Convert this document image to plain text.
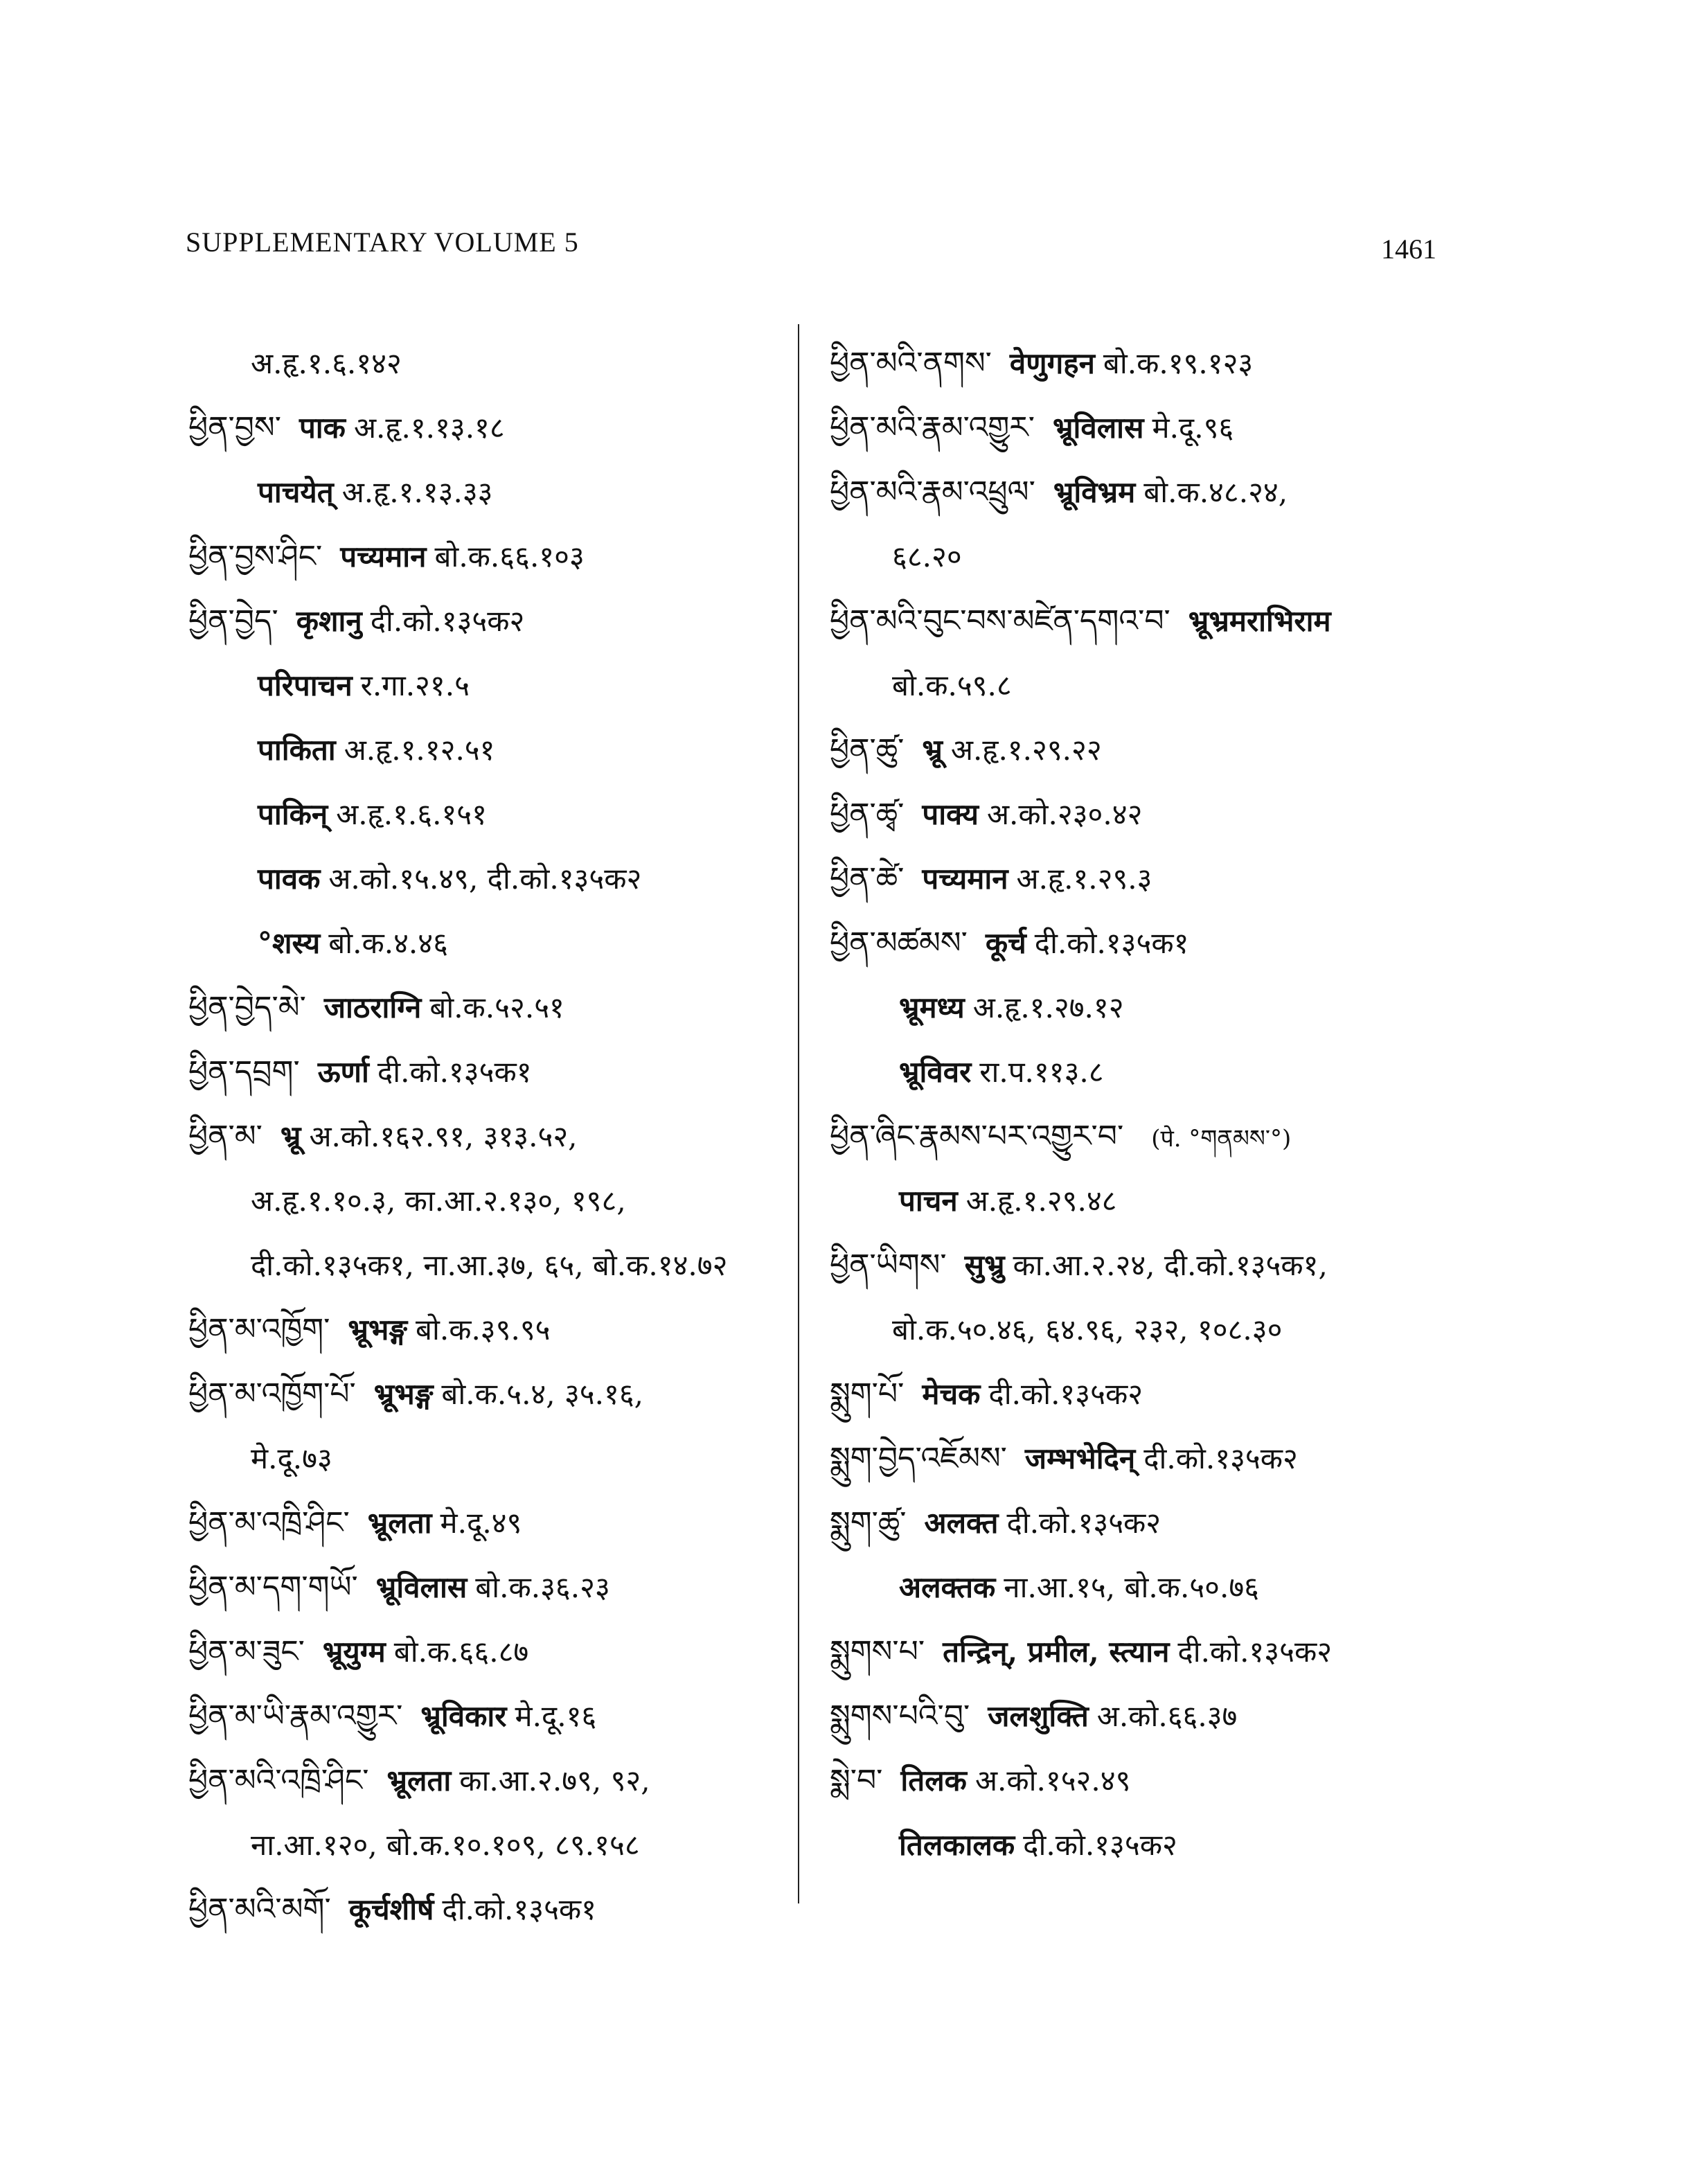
SUPPLEMENTARY VOLUME 5	1461
अ.हृ.१.६.१४२
ཕྱིན་བྱས་ पाक अ.हृ.१.१३.१८
पाचयेत् अ.हृ.१.१३.३३
ཕྱིན་བྱས་ཤིང་ पच्यमान बो.क.६६.१०३
ཕྱིན་བྱེད་ कृशानु दी.को.१३५क२
परिपाचन र.गा.२१.५
पाकिता अ.हृ.१.१२.५१
पाकिन् अ.हृ.१.६.१५१
पावक अ.को.१५.४९, दी.को.१३५क२
°शस्य बो.क.४.४६
ཕྱིན་བྱེད་མེ་ जाठराग्नि बो.क.५२.५१
ཕྱིན་དབྲག་ ऊर्णा दी.को.१३५क१
ཕྱིན་མ་ भ्रू अ.को.१६२.९१, ३१३.५२,
अ.हृ.१.१०.३, का.आ.२.१३०, १९८,
दी.को.१३५क१, ना.आ.३७, ६५, बो.क.१४.७२
ཕྱིན་མ་འཁྱོག་ भ्रूभङ्ग बो.क.३९.९५
ཕྱིན་མ་འཁྱོག་པོ་ भ्रूभङ्ग बो.क.५.४, ३५.१६,
मे.दू.७३
ཕྱིན་མ་འཁྲི་ཤིང་ भ्रूलता मे.दू.४९
ཕྱིན་མ་དག་གཡོ་ भ्रूविलास बो.क.३६.२३
ཕྱིན་མ་ཟུང་ भ्रूयुग्म बो.क.६६.८७
ཕྱིན་མ་ཡི་རྣམ་འགྱུར་ भ्रूविकार मे.दू.१६
ཕྱིན་མའི་འཁྲི་ཤིང་ भ्रूलता का.आ.२.७९, ९२,
ना.आ.१२०, बो.क.१०.१०९, ८९.१५८
ཕྱིན་མའི་མགོ་ कूर्चशीर्ष दी.को.१३५क१
ཕྱིན་མའི་ནགས་ वेणुगहन बो.क.१९.१२३
ཕྱིན་མའི་རྣམ་འགྱུར་ भ्रूविलास मे.दू.९६
ཕྱིན་མའི་རྣམ་འཕྲུལ་ भ्रूविभ्रम बो.क.४८.२४,
६८.२०
ཕྱིན་མའི་བུང་བས་མཛེན་དགའ་བ་ भ्रूभ्रमराभिराम
बो.क.५९.८
ཕྱིན་ཚུ་ भ्रू अ.हृ.१.२९.२२
ཕྱིན་ཚྭ་ पाक्य अ.को.२३०.४२
ཕྱིན་ཚེ་ पच्यमान अ.हृ.१.२९.३
ཕྱིན་མཚམས་ कूर्च दी.को.१३५क१
भ्रूमध्य अ.हृ.१.२७.१२
भ्रूविवर रा.प.११३.८
ཕྱིན་ཞིང་རྣམས་པར་འགྱུར་བ་ (पे. °གནམས་°)
पाचन अ.हृ.१.२९.४८
ཕྱིན་ཡིགས་ सुभ्रु का.आ.२.२४, दी.को.१३५क१,
बो.क.५०.४६, ६४.९६, २३२, १०८.३०
སྨུག་པོ་ मेचक दी.को.१३५क२
སྨུག་བྱེད་འཇོམས་ जम्भभेदिन् दी.को.१३५क२
སྨུག་ཚུ་ अलक्त दी.को.१३५क२
अलक्तक ना.आ.१५, बो.क.५०.७६
སྨུགས་པ་ तन्द्रिन्, प्रमील, स्त्यान दी.को.१३५क२
སྨུགས་པའི་བུ་ जलशुक्ति अ.को.६६.३७
སྨེ་བ་ तिलक अ.को.१५२.४९
तिलकालक दी.को.१३५क२
